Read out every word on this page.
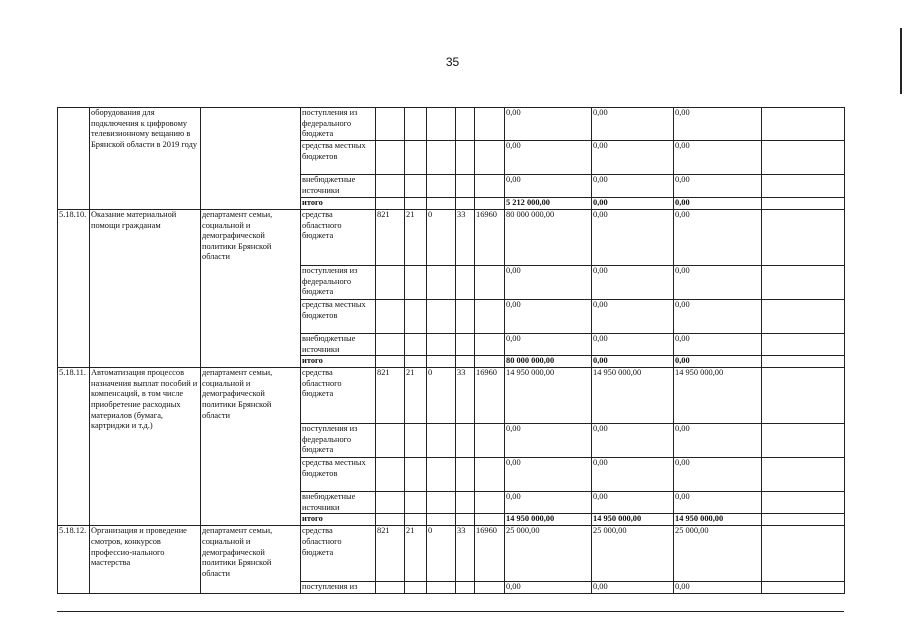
35
	оборудования для подключения к цифровому телевизионному вещанию в Брянской области в 2019 году		поступления из федерального бюджета						0,00	0,00	0,00	
			средства местных бюджетов						0,00	0,00	0,00	
			внебюджетные источники						0,00	0,00	0,00	
			итого						5 212 000,00	0,00	0,00	
5.18.10.	Оказание материальной помощи гражданам	департамент семьи, социальной и демографической политики Брянской области	средства областного бюджета	821	21	0	33	16960	80 000 000,00	0,00	0,00	
			поступления из федерального бюджета						0,00	0,00	0,00	
			средства местных бюджетов						0,00	0,00	0,00	
			внебюджетные источники						0,00	0,00	0,00	
			итого						80 000 000,00	0,00	0,00	
5.18.11.	Автоматизация процессов назначения выплат пособий и компенсаций, в том числе приобретение расходных материалов (бумага, картриджи и т.д.)	департамент семьи, социальной и демографической политики Брянской области	средства областного бюджета	821	21	0	33	16960	14 950 000,00	14 950 000,00	14 950 000,00	
			поступления из федерального бюджета						0,00	0,00	0,00	
			средства местных бюджетов						0,00	0,00	0,00	
			внебюджетные источники						0,00	0,00	0,00	
			итого						14 950 000,00	14 950 000,00	14 950 000,00	
5.18.12.	Организация и проведение смотров, конкурсов профессио-нального мастерства	департамент семьи, социальной и демографической политики Брянской области	средства областного бюджета	821	21	0	33	16960	25 000,00	25 000,00	25 000,00	
			поступления из						0,00	0,00	0,00	
